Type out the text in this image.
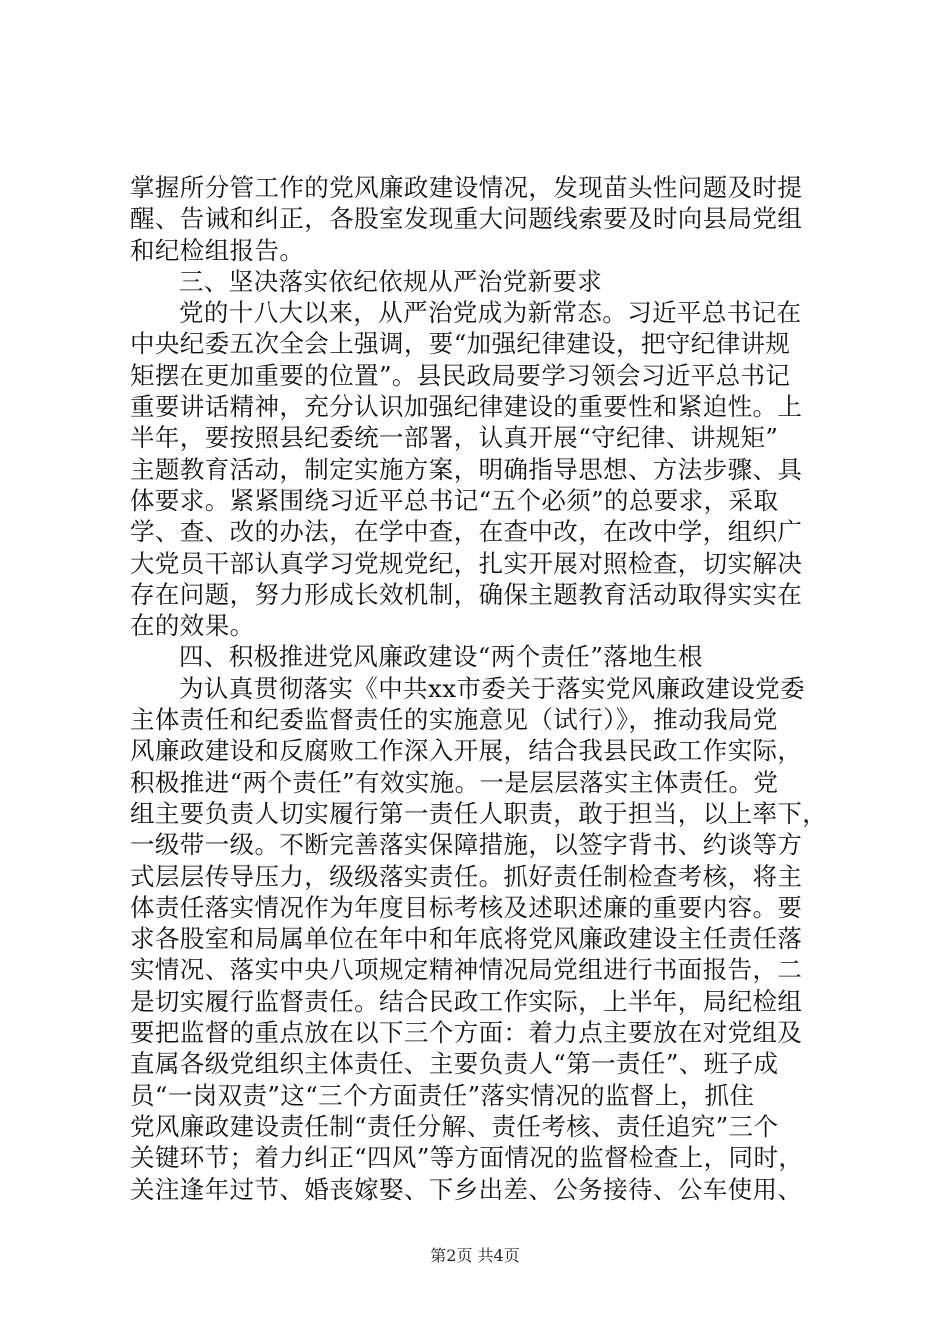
掌握所分管工作的党风廉政建设情况，发现苗头性问题及时提
醒、告诫和纠正，各股室发现重大问题线索要及时向县局党组
和纪检组报告。
三、坚决落实依纪依规从严治党新要求
党的十八大以来，从严治党成为新常态。习近平总书记在
中央纪委五次全会上强调，要“加强纪律建设，把守纪律讲规
矩摆在更加重要的位置”。县民政局要学习领会习近平总书记
重要讲话精神，充分认识加强纪律建设的重要性和紧迫性。上
半年，要按照县纪委统一部署，认真开展“守纪律、讲规矩”
主题教育活动，制定实施方案，明确指导思想、方法步骤、具
体要求。紧紧围绕习近平总书记“五个必须”的总要求，采取
学、查、改的办法，在学中查，在查中改，在改中学，组织广
大党员干部认真学习党规党纪，扎实开展对照检查，切实解决
存在问题，努力形成长效机制，确保主题教育活动取得实实在
在的效果。
四、积极推进党风廉政建设“两个责任”落地生根
为认真贯彻落实《中共xx市委关于落实党风廉政建设党委
主体责任和纪委监督责任的实施意见（试行）》，推动我局党
风廉政建设和反腐败工作深入开展，结合我县民政工作实际，
积极推进“两个责任”有效实施。一是层层落实主体责任。党
组主要负责人切实履行第一责任人职责，敢于担当，以上率下，
一级带一级。不断完善落实保障措施，以签字背书、约谈等方
式层层传导压力，级级落实责任。抓好责任制检查考核，将主
体责任落实情况作为年度目标考核及述职述廉的重要内容。要
求各股室和局属单位在年中和年底将党风廉政建设主任责任落
实情况、落实中央八项规定精神情况局党组进行书面报告，二
是切实履行监督责任。结合民政工作实际，上半年，局纪检组
要把监督的重点放在以下三个方面：着力点主要放在对党组及
直属各级党组织主体责任、主要负责人“第一责任”、班子成
员“一岗双责”这“三个方面责任”落实情况的监督上，抓住
党风廉政建设责任制“责任分解、责任考核、责任追究”三个
关键环节；着力纠正“四风”等方面情况的监督检查上，同时，
关注逢年过节、婚丧嫁娶、下乡出差、公务接待、公车使用、
第2页 共4页
